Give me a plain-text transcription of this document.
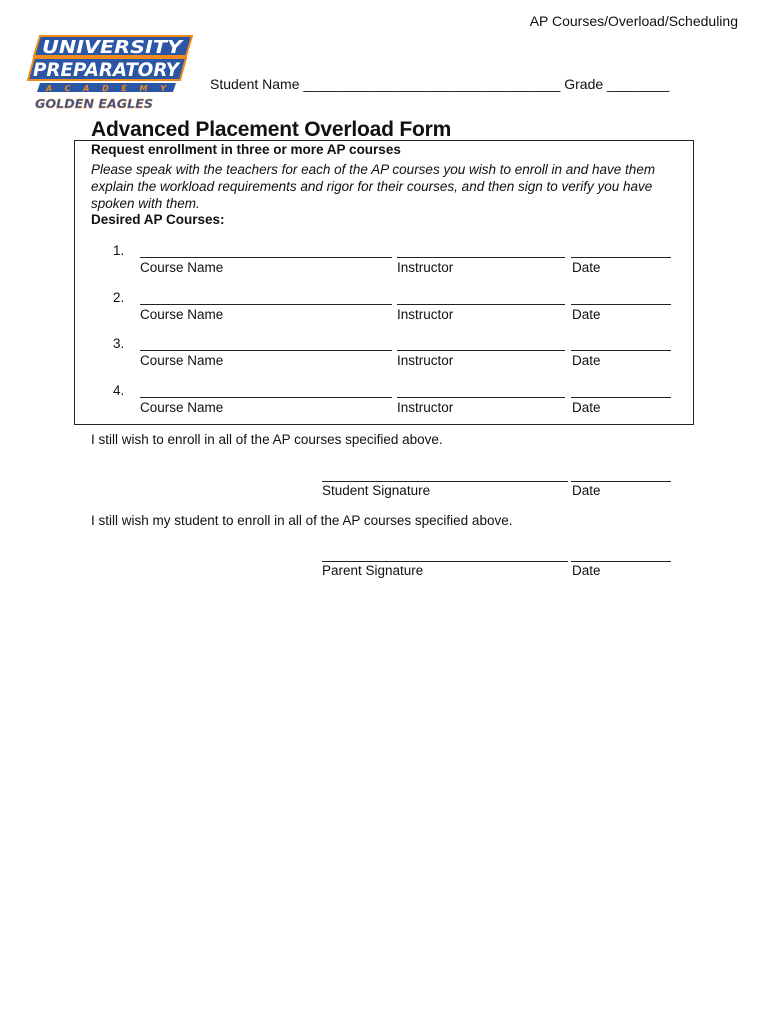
AP Courses/Overload/Scheduling
UNIVERSITY
PREPARATORY
ACADEMY
GOLDEN EAGLES
Student Name _________________________________ Grade ________
Advanced Placement Overload Form
Request enrollment in three or more AP courses
Please speak with the teachers for each of the AP courses you wish to enroll in and have them explain the workload requirements and rigor for their courses, and then sign to verify you have spoken with them.
Desired AP Courses:
1.
Course Name	Instructor	Date
2.
Course Name	Instructor	Date
3.
Course Name	Instructor	Date
4.
Course Name	Instructor	Date
I still wish to enroll in all of the AP courses specified above.
Student Signature	Date
I still wish my student to enroll in all of the AP courses specified above.
Parent Signature	Date
